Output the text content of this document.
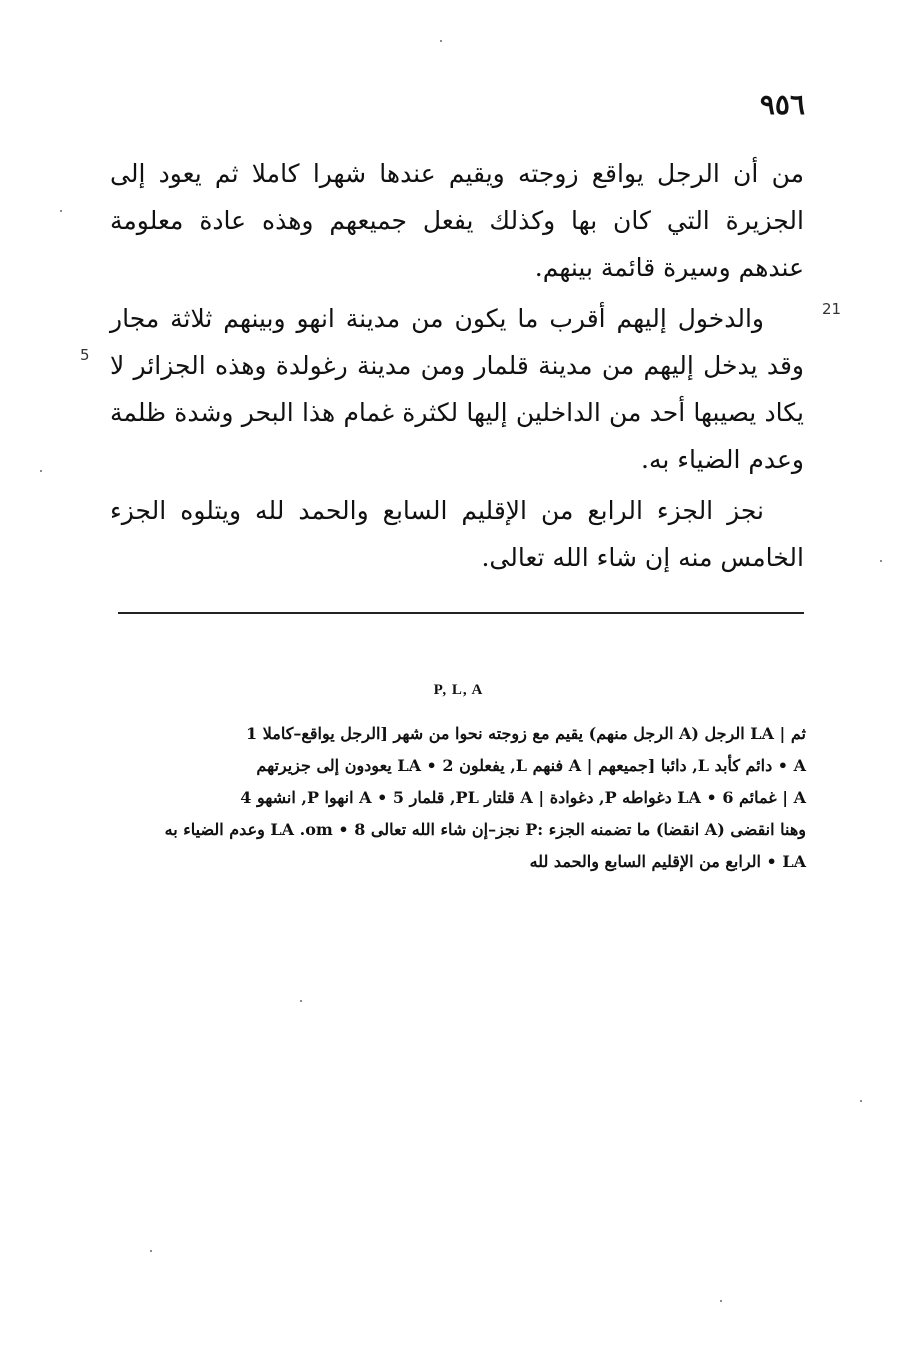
٩٥٦
21
5

من أن الرجل يواقع زوجته ويقيم عندها شهرا كاملا ثم يعود إلى الجزيرة التي كان بها وكذلك يفعل جميعهم وهذه عادة معلومة عندهم وسيرة قائمة بينهم.

والدخول إليهم أقرب ما يكون من مدينة انهو وبينهم ثلاثة مجار وقد يدخل إليهم من مدينة قلمار ومن مدينة رغولدة وهذه الجزائر لا يكاد يصيبها أحد من الداخلين إليها لكثرة غمام هذا البحر وشدة ظلمة وعدم الضياء به.

نجز الجزء الرابع من الإقليم السابع والحمد لله ويتلوه الجزء الخامس منه إن شاء الله تعالى.

P, L, A

ثم | LA الرجل (A الرجل منهم) يقيم مع زوجته نحوا من شهر [الرجل يواقع–كاملا 1

A • دائم كأبد L, دائبا [جميعهم | A فنهم L, يفعلون 2 • LA يعودون إلى جزيرتهم

A | غمائم 6 • LA دغواطه P, دغوادة | A قلتار PL, قلمار 5 • A انهوا P, انشهو 4

وهنا انقضى (A انقضا) ما تضمنه الجزء :P نجز–إن شاء الله تعالى 8 • LA .om وعدم الضياء به

LA • الرابع من الإقليم السابع والحمد لله
